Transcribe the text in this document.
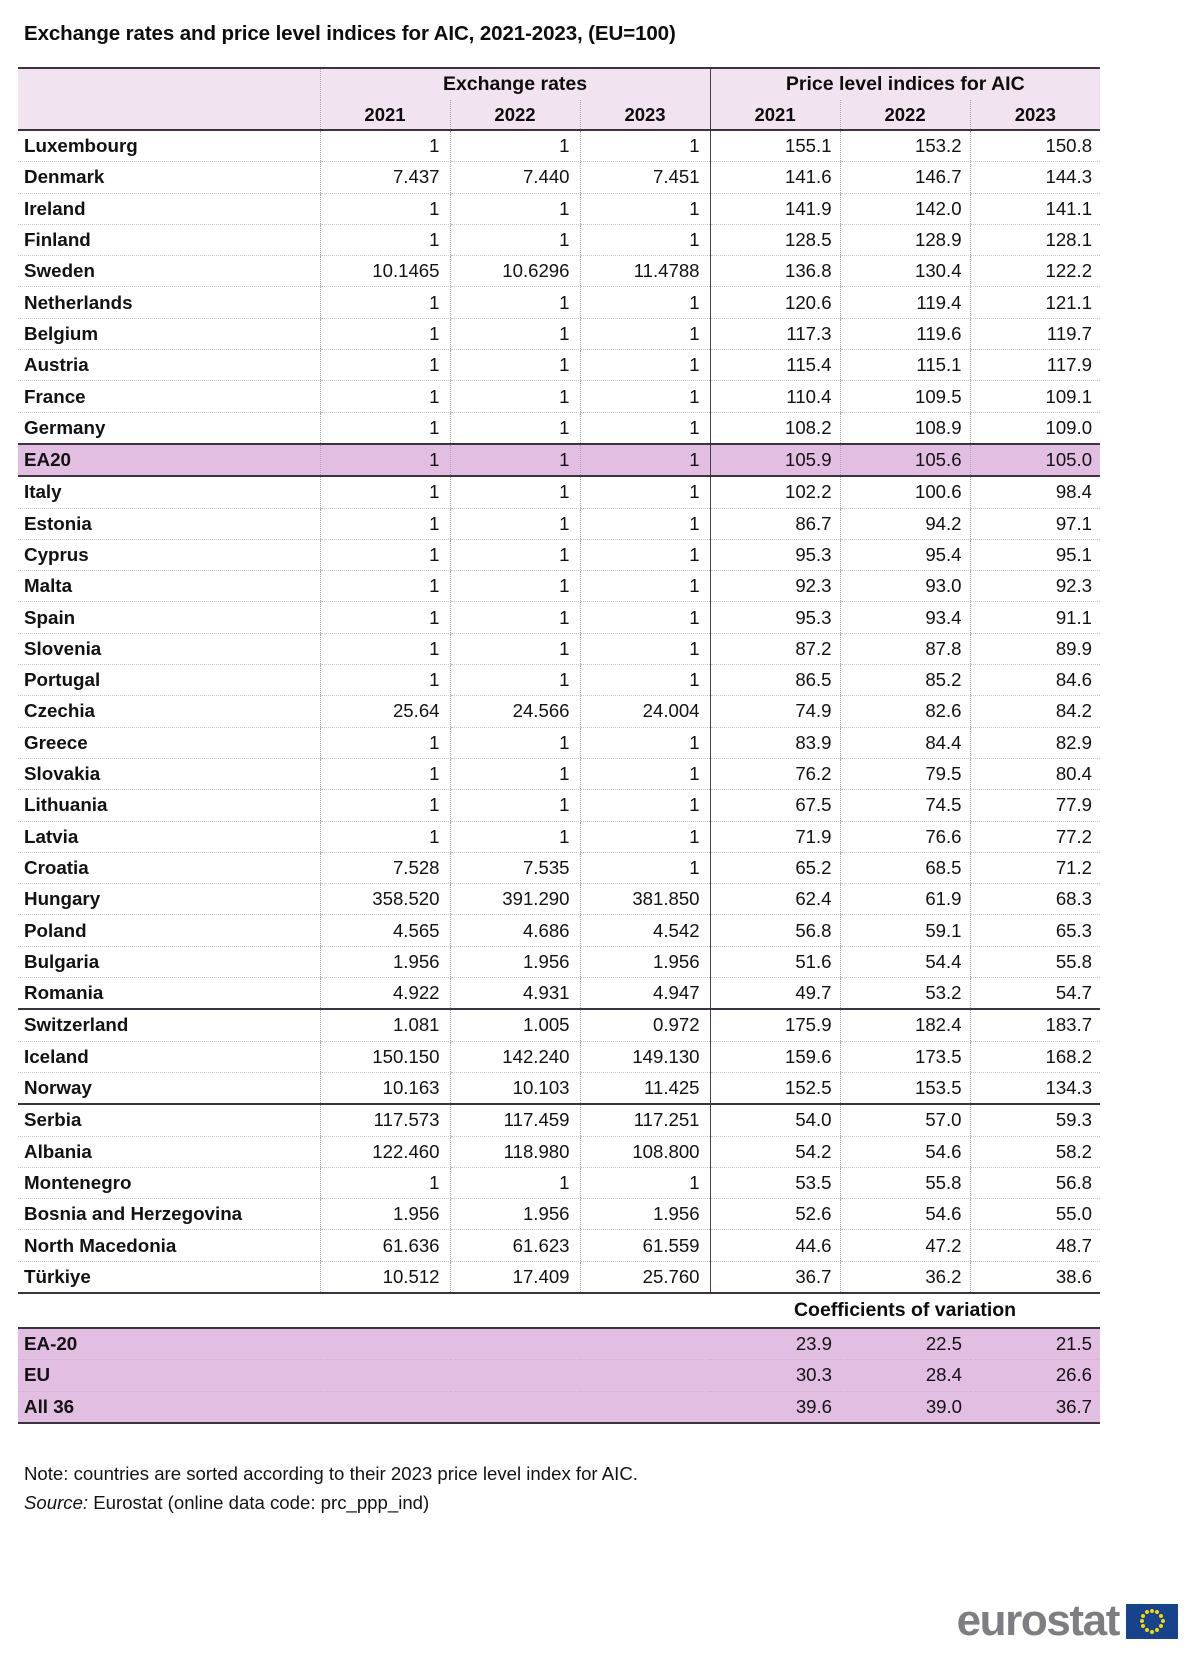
Exchange rates and price level indices for AIC, 2021-2023, (EU=100)
	Exchange rates			Price level indices for AIC		
	2021	2022	2023	2021	2022	2023
Luxembourg	1	1	1	155.1	153.2	150.8
Denmark	7.437	7.440	7.451	141.6	146.7	144.3
Ireland	1	1	1	141.9	142.0	141.1
Finland	1	1	1	128.5	128.9	128.1
Sweden	10.1465	10.6296	11.4788	136.8	130.4	122.2
Netherlands	1	1	1	120.6	119.4	121.1
Belgium	1	1	1	117.3	119.6	119.7
Austria	1	1	1	115.4	115.1	117.9
France	1	1	1	110.4	109.5	109.1
Germany	1	1	1	108.2	108.9	109.0
EA20	1	1	1	105.9	105.6	105.0
Italy	1	1	1	102.2	100.6	98.4
Estonia	1	1	1	86.7	94.2	97.1
Cyprus	1	1	1	95.3	95.4	95.1
Malta	1	1	1	92.3	93.0	92.3
Spain	1	1	1	95.3	93.4	91.1
Slovenia	1	1	1	87.2	87.8	89.9
Portugal	1	1	1	86.5	85.2	84.6
Czechia	25.64	24.566	24.004	74.9	82.6	84.2
Greece	1	1	1	83.9	84.4	82.9
Slovakia	1	1	1	76.2	79.5	80.4
Lithuania	1	1	1	67.5	74.5	77.9
Latvia	1	1	1	71.9	76.6	77.2
Croatia	7.528	7.535	1	65.2	68.5	71.2
Hungary	358.520	391.290	381.850	62.4	61.9	68.3
Poland	4.565	4.686	4.542	56.8	59.1	65.3
Bulgaria	1.956	1.956	1.956	51.6	54.4	55.8
Romania	4.922	4.931	4.947	49.7	53.2	54.7
Switzerland	1.081	1.005	0.972	175.9	182.4	183.7
Iceland	150.150	142.240	149.130	159.6	173.5	168.2
Norway	10.163	10.103	11.425	152.5	153.5	134.3
Serbia	117.573	117.459	117.251	54.0	57.0	59.3
Albania	122.460	118.980	108.800	54.2	54.6	58.2
Montenegro	1	1	1	53.5	55.8	56.8
Bosnia and Herzegovina	1.956	1.956	1.956	52.6	54.6	55.0
North Macedonia	61.636	61.623	61.559	44.6	47.2	48.7
Türkiye	10.512	17.409	25.760	36.7	36.2	38.6
				Coefficients of variation		

EA-20				23.9	22.5	21.5
EU				30.3	28.4	26.6
All 36				39.6	39.0	36.7
Note: countries are sorted according to their 2023 price level index for AIC.
Source: Eurostat (online data code: prc_ppp_ind)
eurostat
